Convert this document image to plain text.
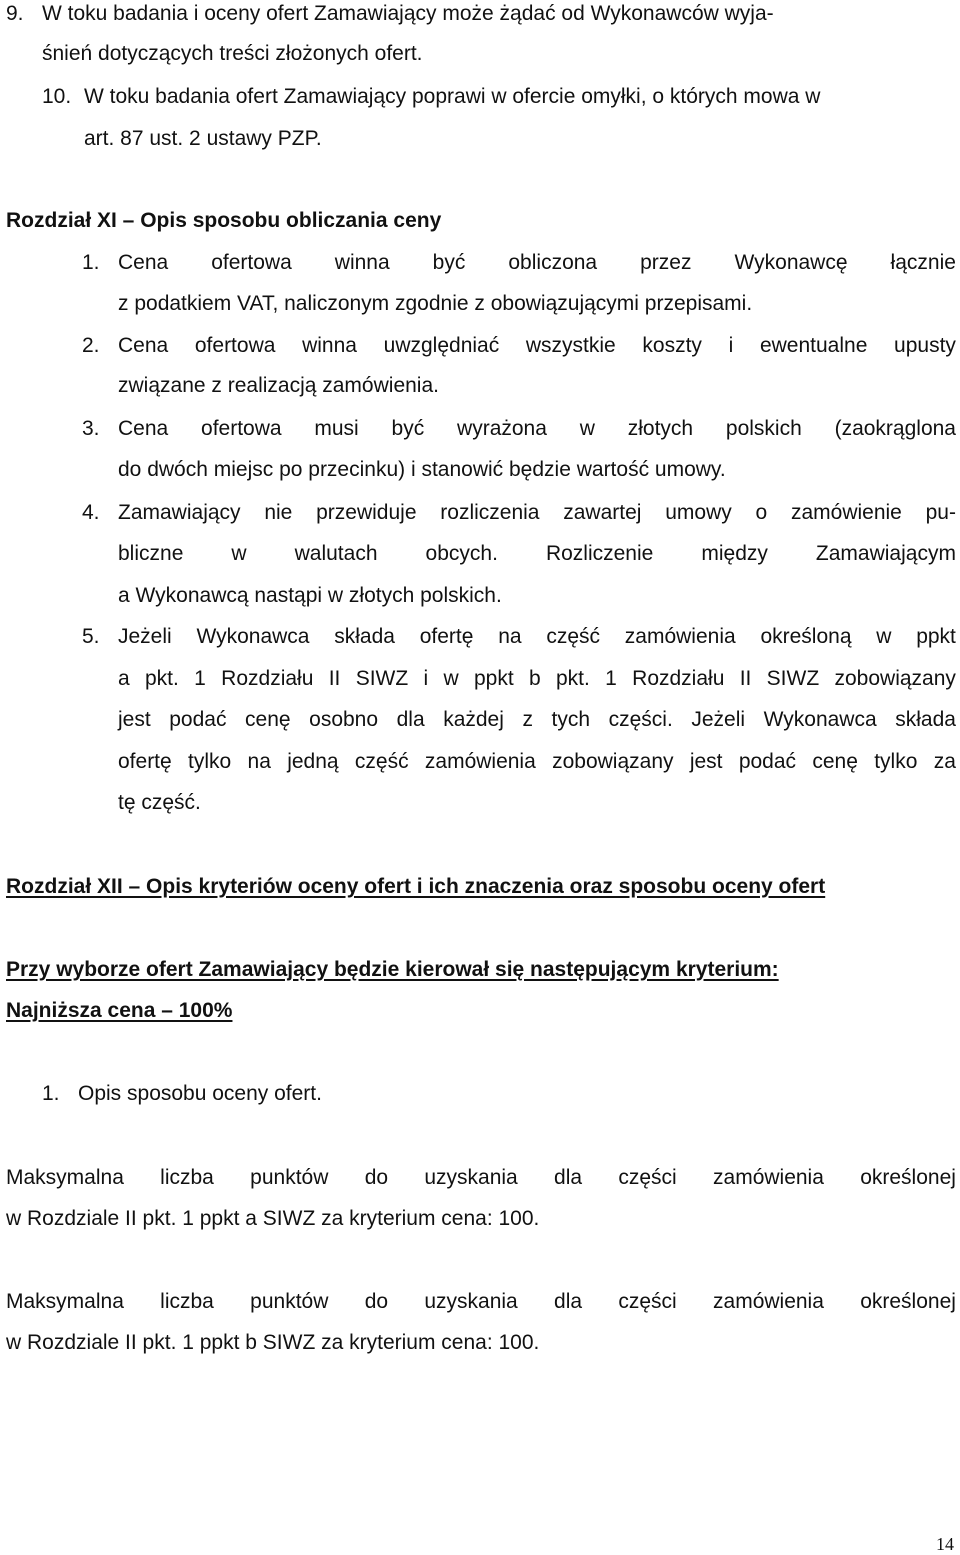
9. W toku badania i oceny ofert Zamawiający może żądać od Wykonawców wyja-
śnień dotyczących treści złożonych ofert.
10. W toku badania ofert Zamawiający poprawi w ofercie omyłki, o których mowa w
art. 87 ust. 2 ustawy PZP.
Rozdział XI – Opis sposobu obliczania ceny
1. Cena ofertowa winna być obliczona przez Wykonawcę łącznie
z podatkiem VAT, naliczonym zgodnie z obowiązującymi przepisami.
2. Cena ofertowa winna uwzględniać wszystkie koszty i ewentualne upusty
związane z realizacją zamówienia.
3. Cena ofertowa musi być wyrażona w złotych polskich (zaokrąglona
do dwóch miejsc po przecinku) i stanowić będzie wartość umowy.
4. Zamawiający nie przewiduje rozliczenia zawartej umowy o zamówienie pu-
bliczne w walutach obcych. Rozliczenie między Zamawiającym
a Wykonawcą nastąpi w złotych polskich.
5. Jeżeli Wykonawca składa ofertę na część zamówienia określoną w ppkt
a pkt. 1 Rozdziału II SIWZ i w ppkt b pkt. 1 Rozdziału II SIWZ zobowiązany
jest podać cenę osobno dla każdej z tych części. Jeżeli Wykonawca składa
ofertę tylko na jedną część zamówienia zobowiązany jest podać cenę tylko za
tę część.
Rozdział XII – Opis kryteriów oceny ofert i ich znaczenia oraz sposobu oceny ofert
Przy wyborze ofert Zamawiający będzie kierował się następującym kryterium:
Najniższa cena – 100%
1. Opis sposobu oceny ofert.
Maksymalna liczba punktów do uzyskania dla części zamówienia określonej
w Rozdziale II pkt. 1 ppkt a SIWZ za kryterium cena: 100.
Maksymalna liczba punktów do uzyskania dla części zamówienia określonej
w Rozdziale II pkt. 1 ppkt b SIWZ za kryterium cena: 100.
14
